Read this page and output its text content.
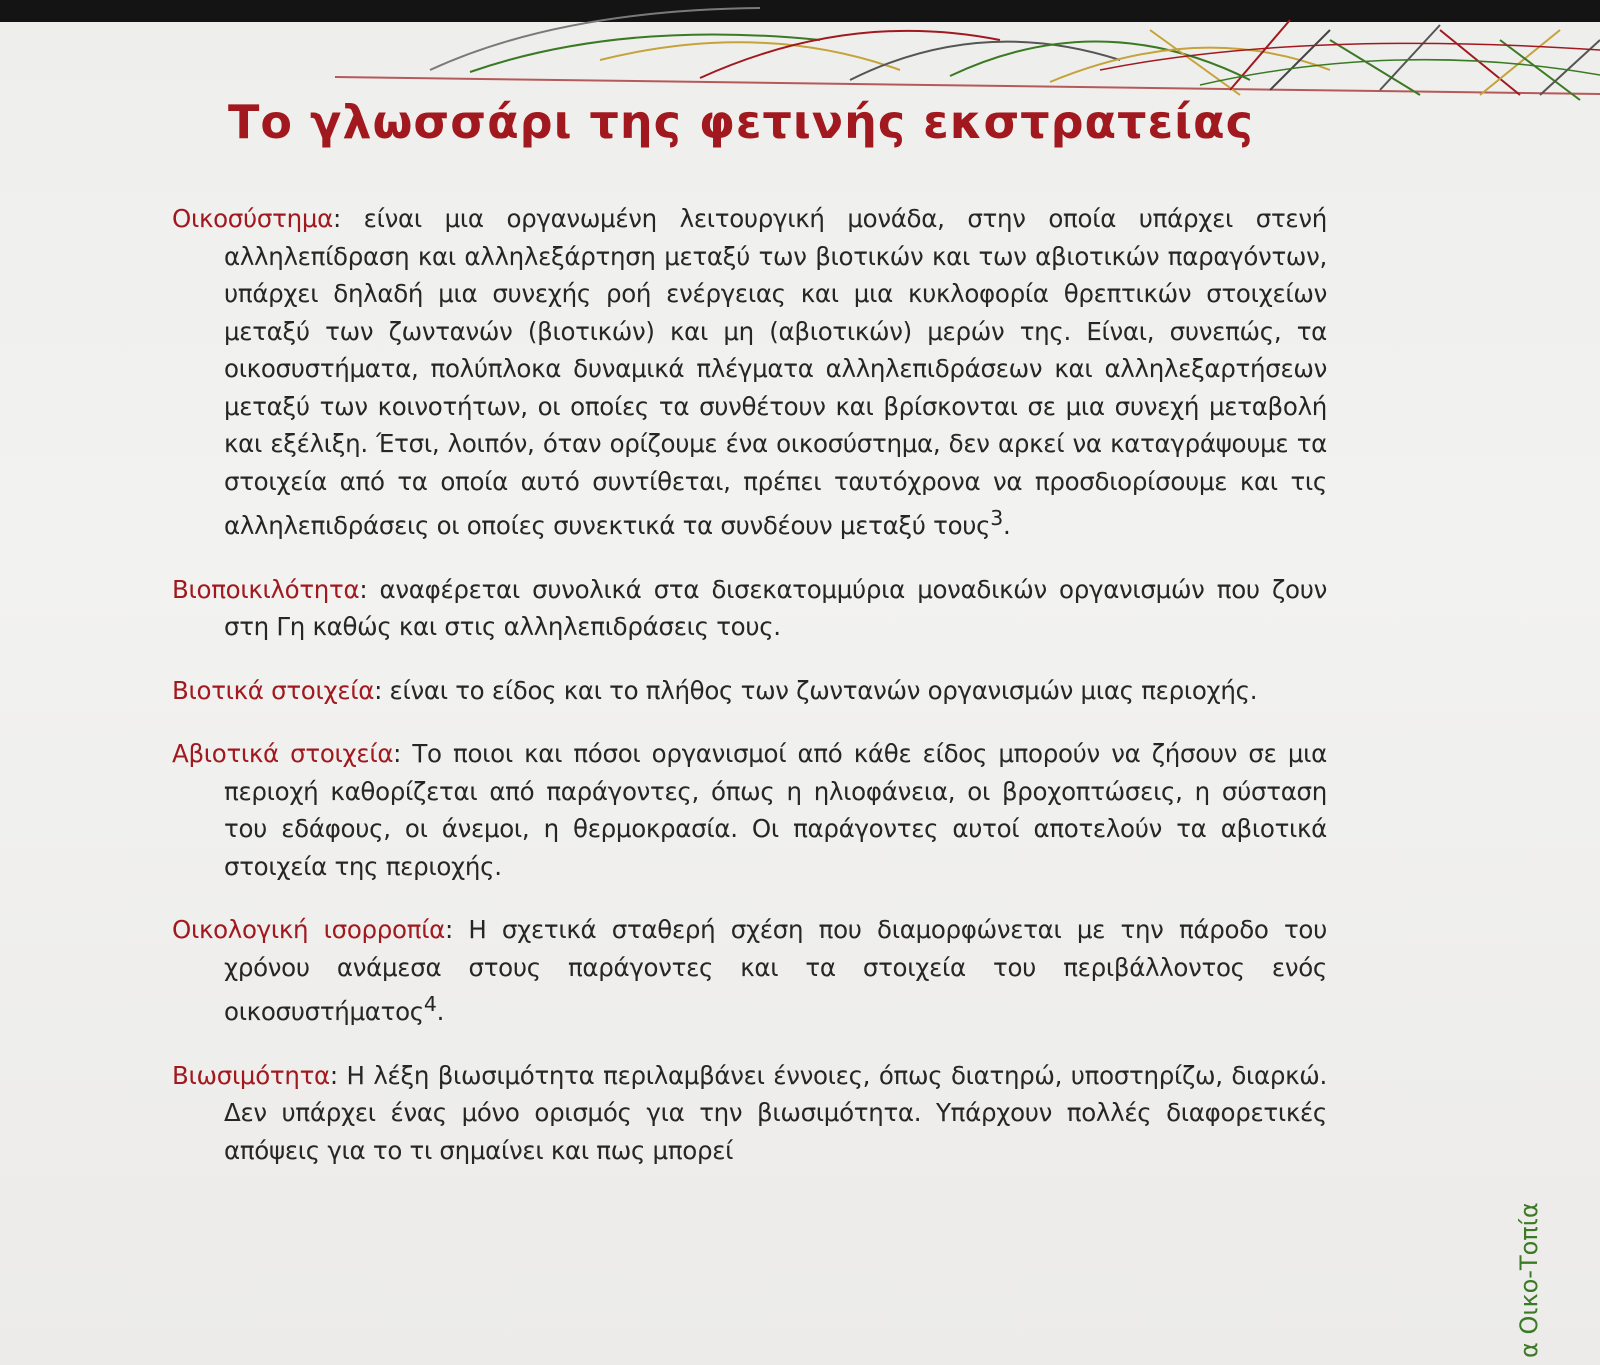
Το γλωσσάρι της φετινής εκστρατείας

Οικοσύστημα: είναι μια οργανωμένη λειτουργική μονάδα, στην οποία υπάρχει στενή αλληλεπίδραση και αλληλεξάρτηση μεταξύ των βιοτικών και των αβιοτικών παραγόντων, υπάρχει δηλαδή μια συνεχής ροή ενέργειας και μια κυκλοφορία θρεπτικών στοιχείων μεταξύ των ζωντανών (βιοτικών) και μη (αβιοτικών) μερών της. Είναι, συνεπώς, τα οικοσυστήματα, πολύπλοκα δυναμικά πλέγματα αλληλεπιδράσεων και αλληλεξαρτήσεων μεταξύ των κοινοτήτων, οι οποίες τα συνθέτουν και βρίσκονται σε μια συνεχή μεταβολή και εξέλιξη. Έτσι, λοιπόν, όταν ορίζουμε ένα οικοσύστημα, δεν αρκεί να καταγράψουμε τα στοιχεία από τα οποία αυτό συντίθεται, πρέπει ταυτόχρονα να προσδιορίσουμε και τις αλληλεπιδράσεις οι οποίες συνεκτικά τα συνδέουν μεταξύ τους$^3$.

Βιοποικιλότητα: αναφέρεται συνολικά στα δισεκατομμύρια μοναδικών οργανισμών που ζουν στη Γη καθώς και στις αλληλεπιδράσεις τους.

Βιοτικά στοιχεία: είναι το είδος και το πλήθος των ζωντανών οργανισμών μιας περιοχής.

Αβιοτικά στοιχεία: Το ποιοι και πόσοι οργανισμοί από κάθε είδος μπορούν να ζήσουν σε μια περιοχή καθορίζεται από παράγοντες, όπως η ηλιοφάνεια, οι βροχοπτώσεις, η σύσταση του εδάφους, οι άνεμοι, η θερμοκρασία. Οι παράγοντες αυτοί αποτελούν τα αβιοτικά στοιχεία της περιοχής.

Οικολογική ισορροπία: Η σχετικά σταθερή σχέση που διαμορφώνεται με την πάροδο του χρόνου ανάμεσα στους παράγοντες και τα στοιχεία του περιβάλλοντος ενός οικοσυστήματος$^4$.

Βιωσιμότητα: Η λέξη βιωσιμότητα περιλαμβάνει έννοιες, όπως διατηρώ, υποστηρίζω, διαρκώ. Δεν υπάρχει ένας μόνο ορισμός για την βιωσιμότητα. Υπάρχουν πολλές διαφορετικές απόψεις για το τι σημαίνει και πως μπορεί

α Οικο-Τοπία
